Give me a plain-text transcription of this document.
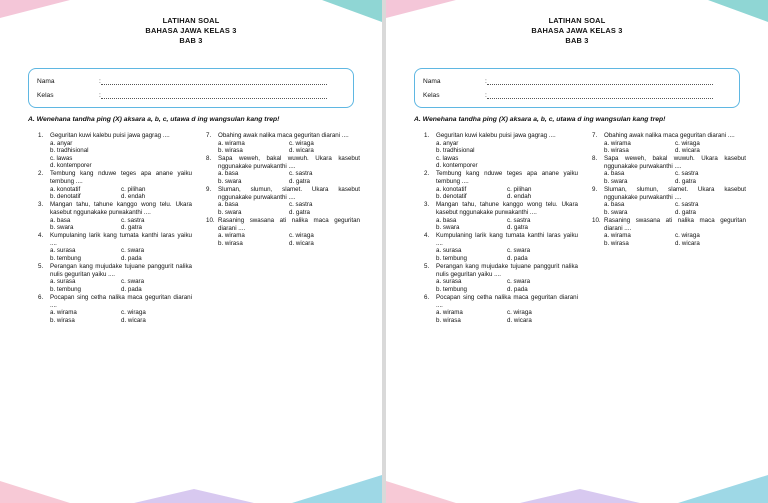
LATIHAN SOAL
BAHASA JAWA KELAS 3
BAB 3
Nama	:
Kelas	:
A. Wenehana tandha ping (X) aksara a, b, c, utawa d ing wangsulan kang trep!
1.	Geguritan kuwi kalebu puisi jawa gagrag ....
a. anyar
b. tradhisional
c. lawas
d. kontemporer
2.	Tembung kang nduwe teges apa anane yaiku tembung ....
a. konotatif	c. pilihan
b. denotatif	d. endah
3.	Mangan tahu, tahune kanggo wong telu. Ukara kasebut nggunakake purwakanthi ....
a. basa	c. sastra
b. swara	d. gatra
4.	Kumpulaning larik kang tumata kanthi laras yaiku ....
a. surasa	c. swara
b. tembung	d. pada
5.	Perangan kang mujudake tujuane panggurit nalika nulis geguritan yaiku ....
a. surasa	c. swara
b. tembung	d. pada
6.	Pocapan sing cetha nalika maca geguritan diarani ....
a. wirama	c. wiraga
b. wirasa	d. wicara
7.	Obahing awak nalika maca geguritan diarani ....
a. wirama	c. wiraga
b. wirasa	d. wicara
8.	Sapa weweh, bakal wuwuh. Ukara kasebut nggunakake purwakanthi ....
a. basa	c. sastra
b. swara	d. gatra
9.	Sluman, slumun, slamet. Ukara kasebut nggunakake purwakanthi ....
a. basa	c. sastra
b. swara	d. gatra
10. Rasaning swasana ati nalika maca geguritan diarani ....
a. wirama	c. wiraga
b. wirasa	d. wicara
LATIHAN SOAL
BAHASA JAWA KELAS 3
BAB 3
Nama	:
Kelas	:
A. Wenehana tandha ping (X) aksara a, b, c, utawa d ing wangsulan kang trep!
1.	Geguritan kuwi kalebu puisi jawa gagrag ....
a. anyar
b. tradhisional
c. lawas
d. kontemporer
2.	Tembung kang nduwe teges apa anane yaiku tembung ....
a. konotatif	c. pilihan
b. denotatif	d. endah
3.	Mangan tahu, tahune kanggo wong telu. Ukara kasebut nggunakake purwakanthi ....
a. basa	c. sastra
b. swara	d. gatra
4.	Kumpulaning larik kang tumata kanthi laras yaiku ....
a. surasa	c. swara
b. tembung	d. pada
5.	Perangan kang mujudake tujuane panggurit nalika nulis geguritan yaiku ....
a. surasa	c. swara
b. tembung	d. pada
6.	Pocapan sing cetha nalika maca geguritan diarani ....
a. wirama	c. wiraga
b. wirasa	d. wicara
7.	Obahing awak nalika maca geguritan diarani ....
a. wirama	c. wiraga
b. wirasa	d. wicara
8.	Sapa weweh, bakal wuwuh. Ukara kasebut nggunakake purwakanthi ....
a. basa	c. sastra
b. swara	d. gatra
9.	Sluman, slumun, slamet. Ukara kasebut nggunakake purwakanthi ....
a. basa	c. sastra
b. swara	d. gatra
10. Rasaning swasana ati nalika maca geguritan diarani ....
a. wirama	c. wiraga
b. wirasa	d. wicara
